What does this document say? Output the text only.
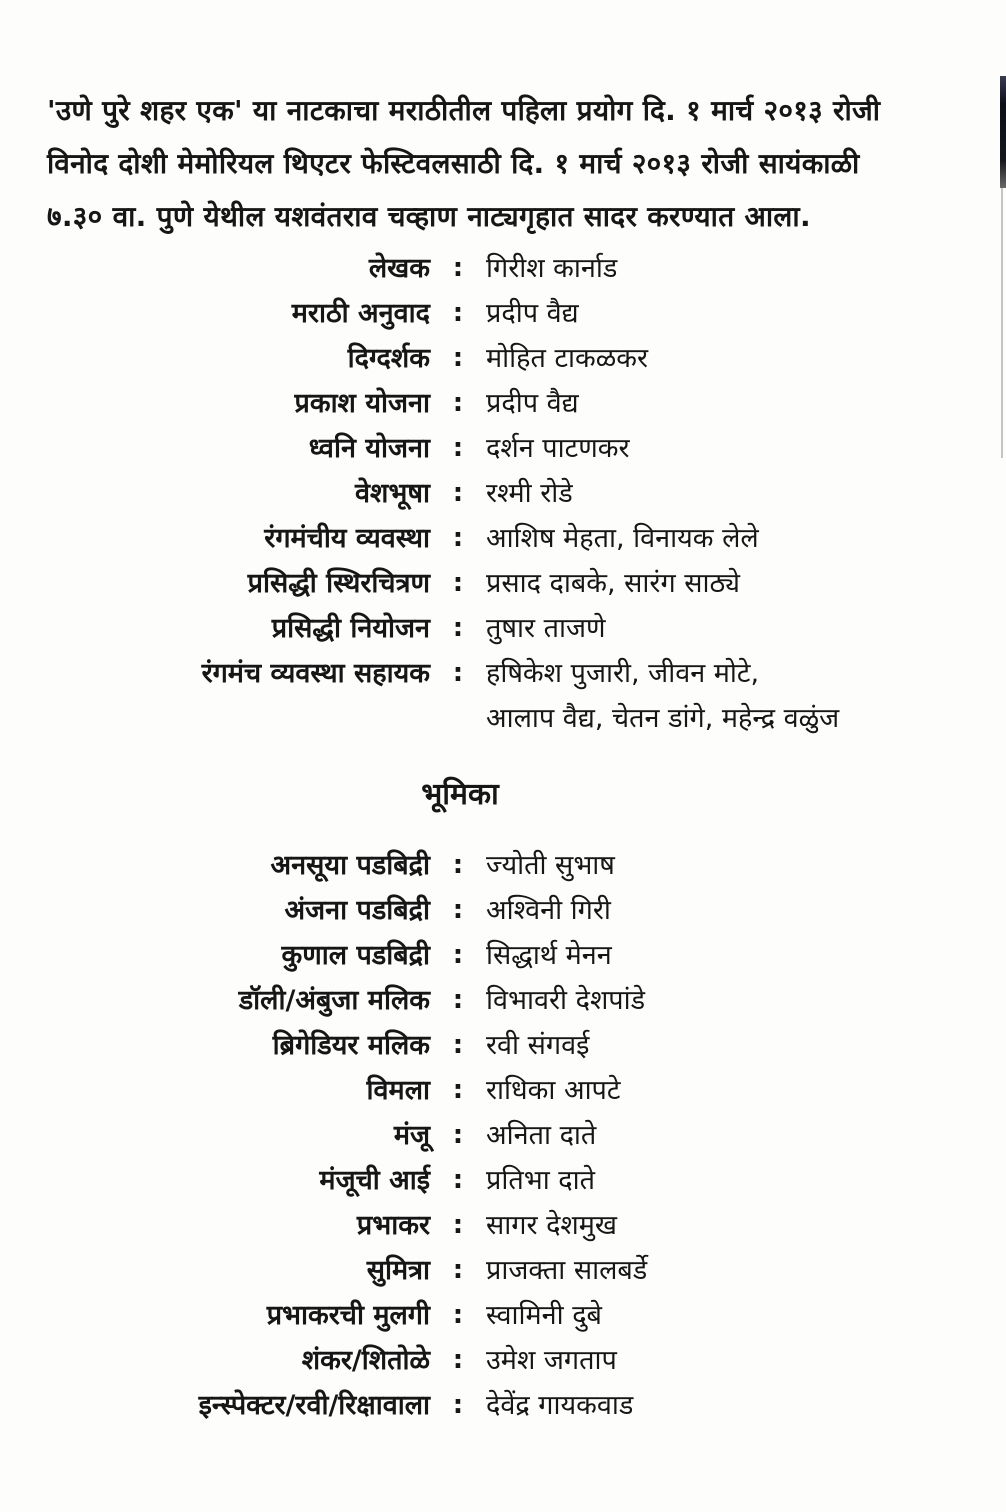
'उणे पुरे शहर एक' या नाटकाचा मराठीतील पहिला प्रयोग दि. १ मार्च २०१३ रोजी
विनोद दोशी मेमोरियल थिएटर फेस्टिवलसाठी दि. १ मार्च २०१३ रोजी सायंकाळी
७.३० वा. पुणे येथील यशवंतराव चव्हाण नाट्यगृहात सादर करण्यात आला.
लेखक : गिरीश कार्नाड
मराठी अनुवाद : प्रदीप वैद्य
दिग्दर्शक : मोहित टाकळकर
प्रकाश योजना : प्रदीप वैद्य
ध्वनि योजना : दर्शन पाटणकर
वेशभूषा : रश्मी रोडे
रंगमंचीय व्यवस्था : आशिष मेहता, विनायक लेले
प्रसिद्धी स्थिरचित्रण : प्रसाद दाबके, सारंग साठ्ये
प्रसिद्धी नियोजन : तुषार ताजणे
रंगमंच व्यवस्था सहायक : हषिकेश पुजारी, जीवन मोटे,
आलाप वैद्य, चेतन डांगे, महेन्द्र वळुंज
भूमिका
अनसूया पडबिद्री : ज्योती सुभाष
अंजना पडबिद्री : अश्विनी गिरी
कुणाल पडबिद्री : सिद्धार्थ मेनन
डॉली/अंबुजा मलिक : विभावरी देशपांडे
ब्रिगेडियर मलिक : रवी संगवई
विमला : राधिका आपटे
मंजू : अनिता दाते
मंजूची आई : प्रतिभा दाते
प्रभाकर : सागर देशमुख
सुमित्रा : प्राजक्ता सालबर्डे
प्रभाकरची मुलगी : स्वामिनी दुबे
शंकर/शितोळे : उमेश जगताप
इन्स्पेक्टर/रवी/रिक्षावाला : देवेंद्र गायकवाड
